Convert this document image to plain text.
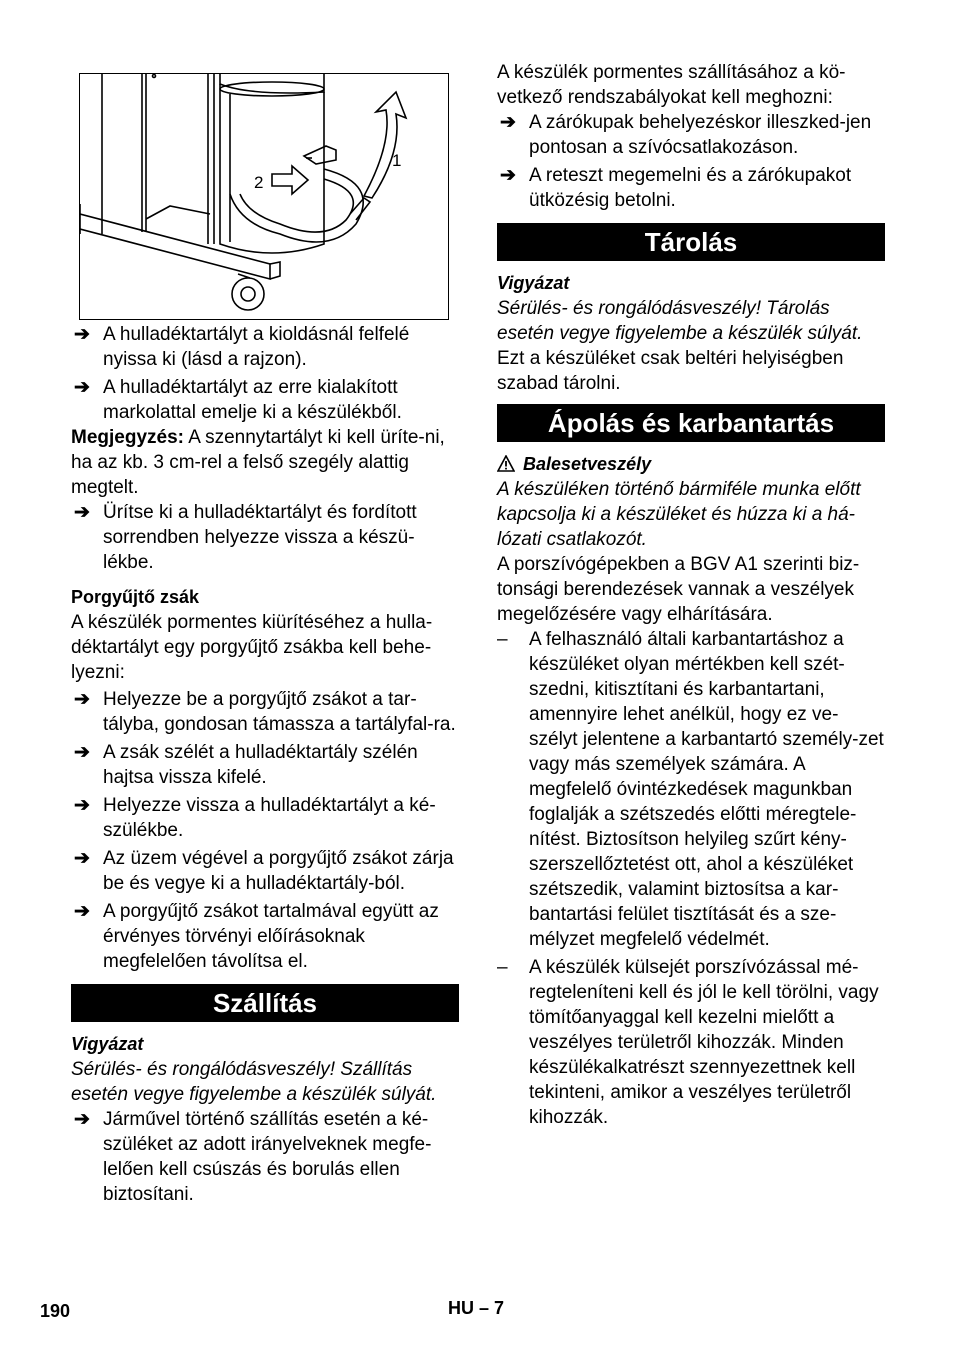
1
2
➔ A hulladéktartályt a kioldásnál felfelé nyissa ki (lásd a rajzon).

➔ A hulladéktartályt az erre kialakított markolattal emelje ki a készülékből.

Megjegyzés: A szennytartályt ki kell üríte-ni, ha az kb. 3 cm-rel a felső szegély alattig megtelt.

➔ Ürítse ki a hulladéktartályt és fordított sorrendben helyezze vissza a készü-lékbe.

Porgyűjtő zsák

A készülék pormentes kiürítéséhez a hulla-déktartályt egy porgyűjtő zsákba kell behe-lyezni:

➔ Helyezze be a porgyűjtő zsákot a tar-tályba, gondosan támassza a tartályfal-ra.

➔ A zsák szélét a hulladéktartály szélén hajtsa vissza kifelé.

➔ Helyezze vissza a hulladéktartályt a ké-szülékbe.

➔ Az üzem végével a porgyűjtő zsákot zárja be és vegye ki a hulladéktartály-ból.

➔ A porgyűjtő zsákot tartalmával együtt az érvényes törvényi előírásoknak megfelelően távolítsa el.

Szállítás

Vigyázat

Sérülés- és rongálódásveszély! Szállítás esetén vegye figyelembe a készülék súlyát.

➔ Járművel történő szállítás esetén a ké-szüléket az adott irányelveknek megfe-lelően kell csúszás és borulás ellen biztosítani.

A készülék pormentes szállításához a kö-vetkező rendszabályokat kell meghozni:

➔ A zárókupak behelyezéskor illeszked-jen pontosan a szívócsatlakozáson.

➔ A reteszt megemelni és a zárókupakot ütközésig betolni.

Tárolás

Vigyázat

Sérülés- és rongálódásveszély! Tárolás esetén vegye figyelembe a készülék súlyát.

Ezt a készüléket csak beltéri helyiségben szabad tárolni.

Ápolás és karbantartás

Balesetveszély

A készüléken történő bármiféle munka előtt kapcsolja ki a készüléket és húzza ki a há-lózati csatlakozót.

A porszívógépekben a BGV A1 szerinti biz-tonsági berendezések vannak a veszélyek megelőzésére vagy elhárítására.

– A felhasználó általi karbantartáshoz a készüléket olyan mértékben kell szét-szedni, kitisztítani és karbantartani, amennyire lehet anélkül, hogy ez ve-szélyt jelentene a karbantartó személy-zet vagy más személyek számára. A megfelelő óvintézkedések magunkban foglalják a szétszedés előtti méregtele-nítést. Biztosítson helyileg szűrt kény-szerszellőztetést ott, ahol a készüléket szétszedik, valamint biztosítsa a kar-bantartási felület tisztítását és a sze-mélyzet megfelelő védelmét.

– A készülék külsejét porszívózással mé-regteleníteni kell és jól le kell törölni, vagy tömítőanyaggal kell kezelni mielőtt a veszélyes területről kihozzák. Minden készülékalkatrészt szennyezettnek kell tekinteni, amikor a veszélyes területről kihozzák.

190	HU – 7
